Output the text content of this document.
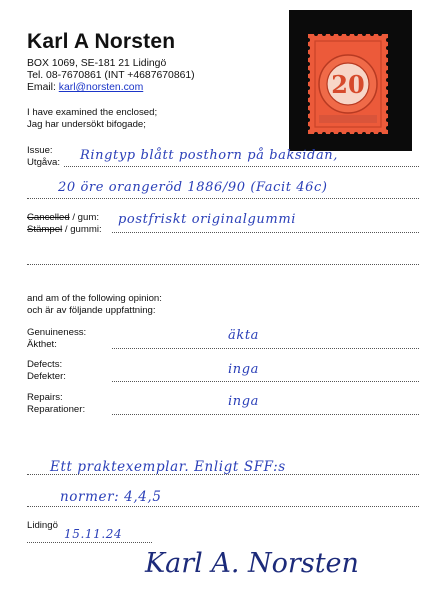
Karl A Norsten
BOX 1069, SE-181 21 Lidingö
Tel. 08-7670861 (INT +4687670861)
Email: karl@norsten.com	20
I have examined the enclosed;
Jag har undersökt bifogade;
Issue:
Utgåva: Ringtyp blått posthorn på baksidan,
20 öre orangeröd 1886/90 (Facit 46c)
Cancelled / gum:
Stämpel / gummi:
postfriskt originalgummi
and am of the following opinion:
och är av följande uppfattning:
Genuineness:
Äkthet:
äkta
Defects:
Defekter:	inga
Repairs:
Reparationer:
inga
Ett praktexemplar. Enligt SFF:s
normer: 4,4,5
Lidingö
15.11.24
Karl A. Norsten
